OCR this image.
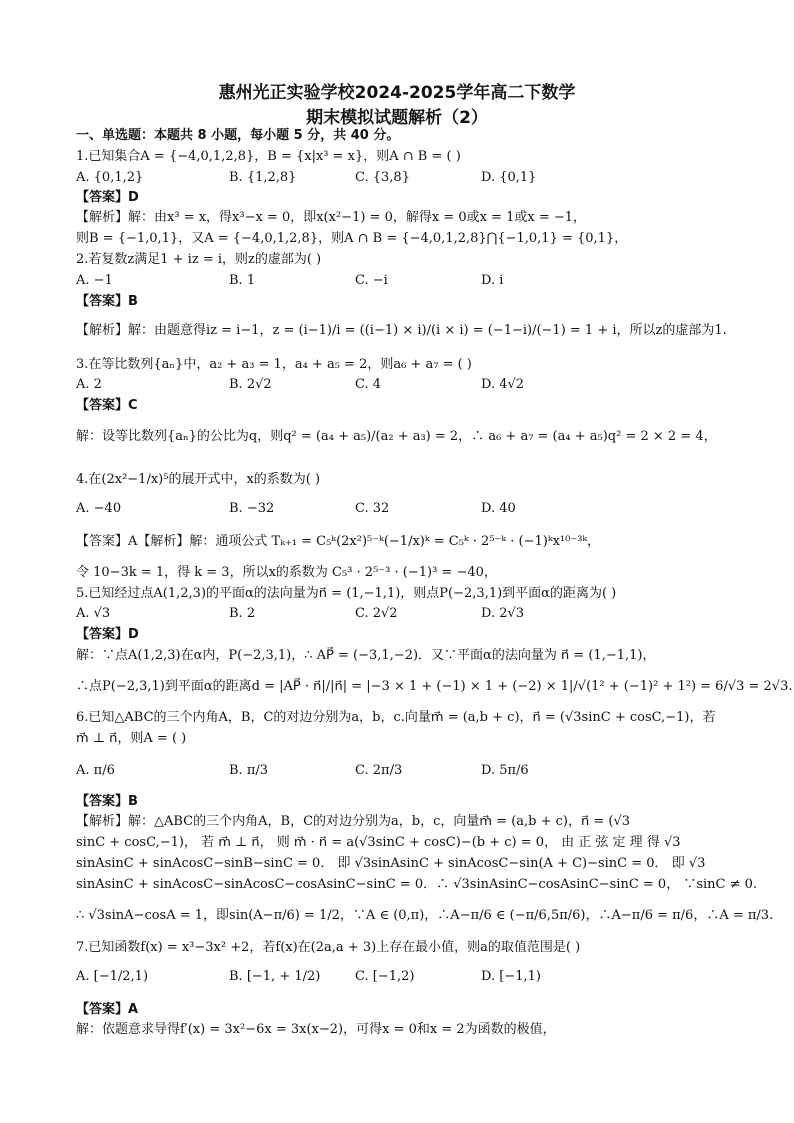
惠州光正实验学校2024-2025学年高二下数学
期末模拟试题解析（2）
一、单选题：本题共 8 小题，每小题 5 分，共 40 分。
1.已知集合A = {−4,0,1,2,8}，B = {x|x³ = x}，则A ∩ B = ( )
A. {0,1,2}	B. {1,2,8}	C. {3,8}	D. {0,1}
【答案】D
【解析】解：由x³ = x，得x³−x = 0，即x(x²−1) = 0，解得x = 0或x = 1或x = −1，
则B = {−1,0,1}，又A = {−4,0,1,2,8}，则A ∩ B = {−4,0,1,2,8}⋂{−1,0,1} = {0,1}，
2.若复数z满足1 + iz = i，则z的虚部为( )
A. −1	B. 1	C. −i	D. i
【答案】B
【解析】解：由题意得iz = i−1，z = (i−1)/i = ((i−1) × i)/(i × i) = (−1−i)/(−1) = 1 + i，所以z的虚部为1.
3.在等比数列{aₙ}中，a₂ + a₃ = 1，a₄ + a₅ = 2，则a₆ + a₇ = ( )
A. 2	B. 2√2	C. 4	D. 4√2
【答案】C
解：设等比数列{aₙ}的公比为q，则q² = (a₄ + a₅)/(a₂ + a₃) = 2，∴ a₆ + a₇ = (a₄ + a₅)q² = 2 × 2 = 4，
4.在(2x²−1/x)⁵的展开式中，x的系数为( )
A. −40	B. −32	C. 32	D. 40
【答案】A【解析】解：通项公式 Tₖ₊₁ = C₅ᵏ(2x²)⁵⁻ᵏ(−1/x)ᵏ = C₅ᵏ · 2⁵⁻ᵏ · (−1)ᵏx¹⁰⁻³ᵏ，
令 10−3k = 1，得 k = 3，所以x的系数为 C₅³ · 2⁵⁻³ · (−1)³ = −40，
5.已知经过点A(1,2,3)的平面α的法向量为n⃗ = (1,−1,1)，则点P(−2,3,1)到平面α的距离为( )
A. √3	B. 2	C. 2√2	D. 2√3
【答案】D
解：∵点A(1,2,3)在α内，P(−2,3,1)，∴ AP⃗ = (−3,1,−2)．又∵平面α的法向量为 n⃗ = (1,−1,1)，
∴点P(−2,3,1)到平面α的距离d = |AP⃗ · n⃗|/|n⃗| = |−3 × 1 + (−1) × 1 + (−2) × 1|/√(1² + (−1)² + 1²) = 6/√3 = 2√3.
6.已知△ABC的三个内角A，B，C的对边分别为a，b，c.向量m⃗ = (a,b + c)，n⃗ = (√3sinC + cosC,−1)，若
m⃗ ⊥ n⃗，则A = ( )
A. π/6	B. π/3	C. 2π/3	D. 5π/6
【答案】B
【解析】解：△ABC的三个内角A，B，C的对边分别为a，b，c，向量m⃗ = (a,b + c)，n⃗ = (√3
sinC + cosC,−1)， 若 m⃗ ⊥ n⃗， 则 m⃗ · n⃗ = a(√3sinC + cosC)−(b + c) = 0， 由 正 弦 定 理 得 √3
sinAsinC + sinAcosC−sinB−sinC = 0． 即 √3sinAsinC + sinAcosC−sin(A + C)−sinC = 0． 即 √3
sinAsinC + sinAcosC−sinAcosC−cosAsinC−sinC = 0．∴ √3sinAsinC−cosAsinC−sinC = 0， ∵sinC ≠ 0.
∴ √3sinA−cosA = 1，即sin(A−π/6) = 1/2，∵A ∈ (0,π)，∴A−π/6 ∈ (−π/6,5π/6)，∴A−π/6 = π/6，∴A = π/3.
7.已知函数f(x) = x³−3x² +2，若f(x)在(2a,a + 3)上存在最小值，则a的取值范围是( )
A. [−1/2,1)	B. [−1, + 1/2)	C. [−1,2)	D. [−1,1)
【答案】A
解：依题意求导得f′(x) = 3x²−6x = 3x(x−2)，可得x = 0和x = 2为函数的极值，
